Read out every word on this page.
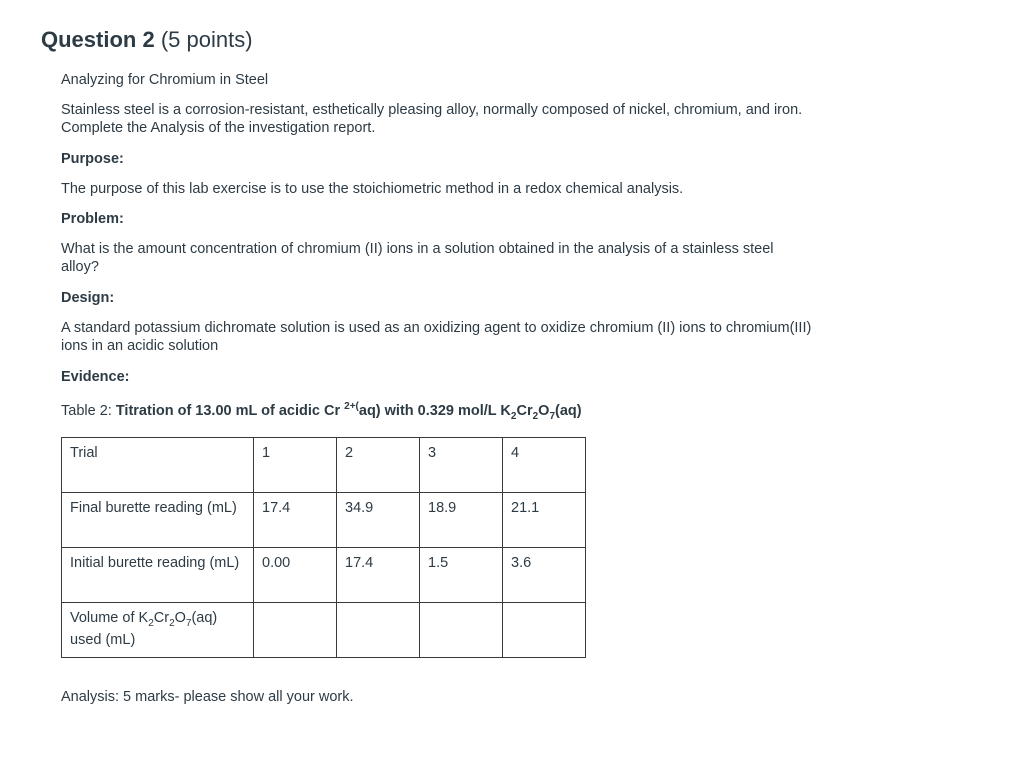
Question 2 (5 points)
Analyzing for Chromium in Steel
Stainless steel is a corrosion-resistant, esthetically pleasing alloy, normally composed of nickel, chromium, and iron.
Complete the Analysis of the investigation report.
Purpose:
The purpose of this lab exercise is to use the stoichiometric method in a redox chemical analysis.
Problem:
What is the amount concentration of chromium (II) ions in a solution obtained in the analysis of a stainless steel
alloy?
Design:
A standard potassium dichromate solution is used as an oxidizing agent to oxidize chromium (II) ions to chromium(III)
ions in an acidic solution
Evidence:
Table 2: Titration of 13.00 mL of acidic Cr $^{2+(}$aq) with 0.329 mol/L $K_2Cr_2O_7(aq)$
Trial	1	2	3	4
Final burette reading (mL)	17.4	34.9	18.9	21.1
Initial burette reading (mL)	0.00	17.4	1.5	3.6
Volume of $K_2Cr_2O_7(aq)$
used (mL)				
Analysis: 5 marks- please show all your work.
